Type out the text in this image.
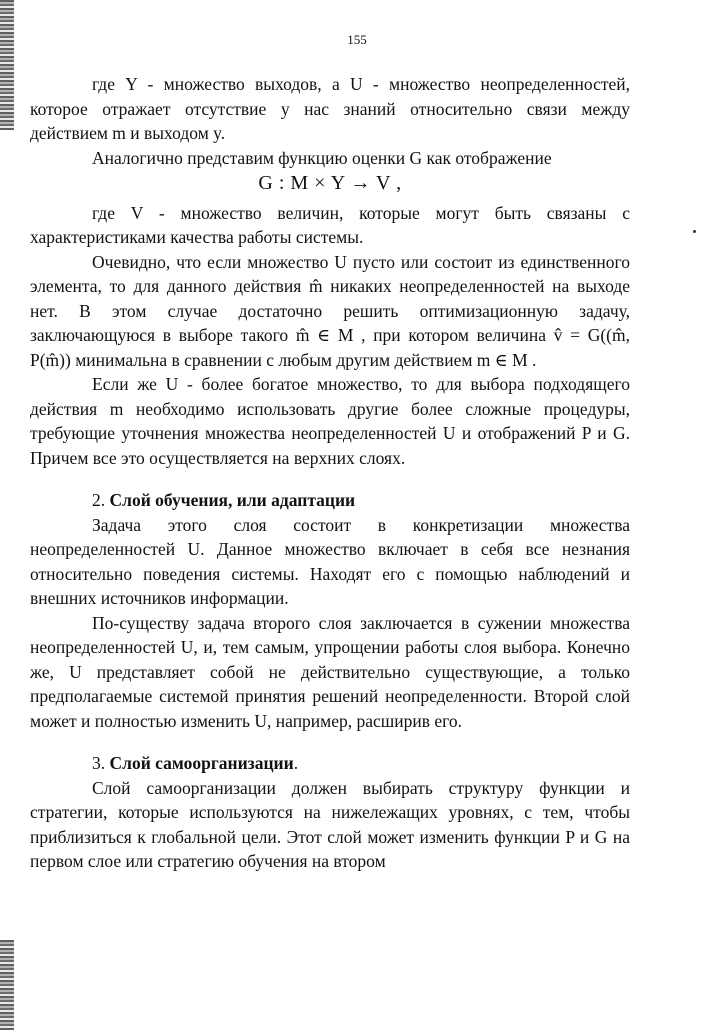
155

где Y - множество выходов, а U - множество неопределенностей, которое отражает отсутствие у нас знаний относительно связи между действием m и выходом y.

Аналогично представим функцию оценки G как отображение

G : M × Y → V ,

где V - множество величин, которые могут быть связаны с характеристиками качества работы системы.

Очевидно, что если множество U пусто или состоит из единственного элемента, то для данного действия m̂ никаких неопределенностей на выходе нет. В этом случае достаточно решить оптимизационную задачу, заключающуюся в выборе такого m̂ ∈ M , при котором величина v̂ = G((m̂, P(m̂)) минимальна в сравнении с любым другим действием m ∈ M .

Если же U - более богатое множество, то для выбора подходящего действия m необходимо использовать другие более сложные процедуры, требующие уточнения множества неопределенностей U и отображений P и G. Причем все это осуществляется на верхних слоях.

2. Слой обучения, или адаптации

Задача этого слоя состоит в конкретизации множества неопределенностей U. Данное множество включает в себя все незнания относительно поведения системы. Находят его с помощью наблюдений и внешних источников информации.

По-существу задача второго слоя заключается в сужении множества неопределенностей U, и, тем самым, упрощении работы слоя выбора. Конечно же, U представляет собой не действительно существующие, а только предполагаемые системой принятия решений неопределенности. Второй слой может и полностью изменить U, например, расширив его.

3. Слой самоорганизации.

Слой самоорганизации должен выбирать структуру функции и стратегии, которые используются на нижележащих уровнях, с тем, чтобы приблизиться к глобальной цели. Этот слой может изменить функции P и G на первом слое или стратегию обучения на втором
